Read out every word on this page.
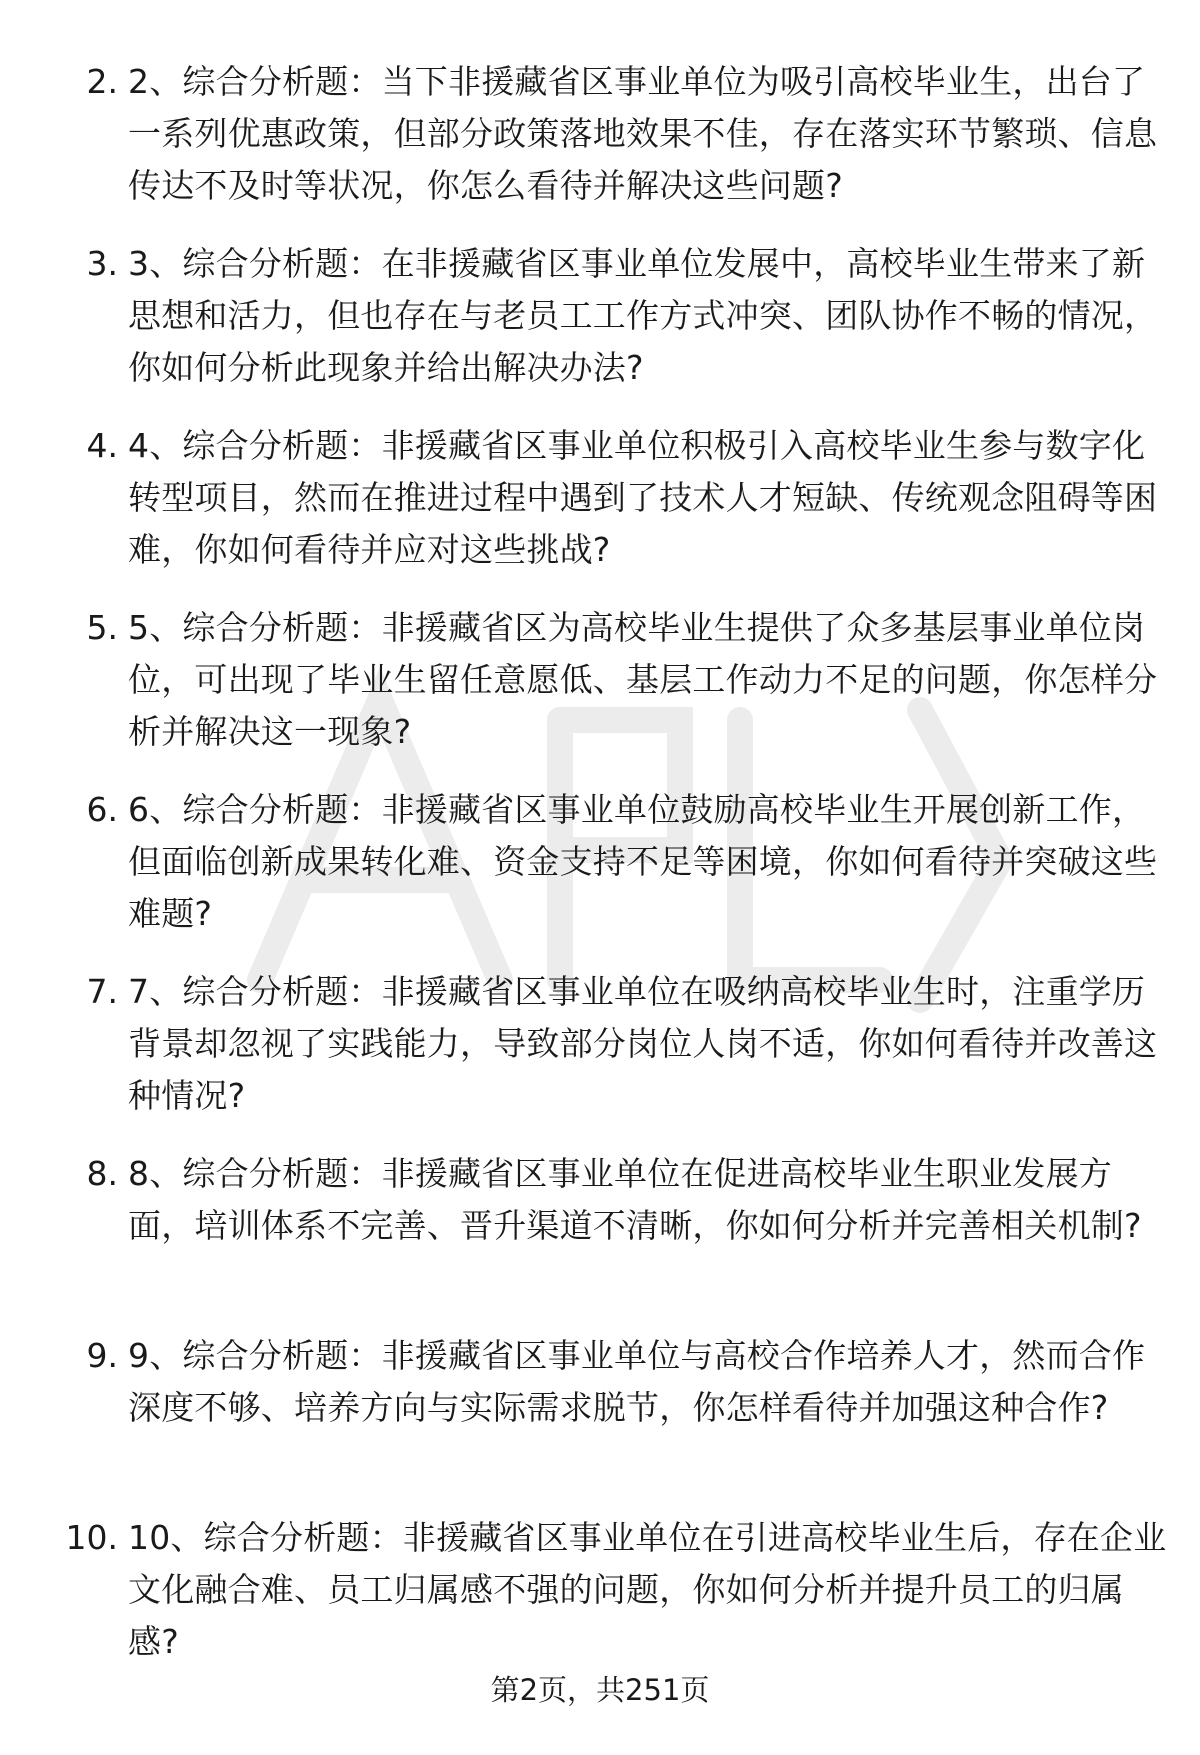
2. 2、综合分析题：当下非援藏省区事业单位为吸引高校毕业生，出台了一系列优惠政策，但部分政策落地效果不佳，存在落实环节繁琐、信息传达不及时等状况，你怎么看待并解决这些问题?
3. 3、综合分析题：在非援藏省区事业单位发展中，高校毕业生带来了新思想和活力，但也存在与老员工工作方式冲突、团队协作不畅的情况，你如何分析此现象并给出解决办法?
4. 4、综合分析题：非援藏省区事业单位积极引入高校毕业生参与数字化转型项目，然而在推进过程中遇到了技术人才短缺、传统观念阻碍等困难，你如何看待并应对这些挑战?
5. 5、综合分析题：非援藏省区为高校毕业生提供了众多基层事业单位岗位，可出现了毕业生留任意愿低、基层工作动力不足的问题，你怎样分析并解决这一现象?
6. 6、综合分析题：非援藏省区事业单位鼓励高校毕业生开展创新工作，但面临创新成果转化难、资金支持不足等困境，你如何看待并突破这些难题?
7. 7、综合分析题：非援藏省区事业单位在吸纳高校毕业生时，注重学历背景却忽视了实践能力，导致部分岗位人岗不适，你如何看待并改善这种情况?
8. 8、综合分析题：非援藏省区事业单位在促进高校毕业生职业发展方面，培训体系不完善、晋升渠道不清晰，你如何分析并完善相关机制?
9. 9、综合分析题：非援藏省区事业单位与高校合作培养人才，然而合作深度不够、培养方向与实际需求脱节，你怎样看待并加强这种合作?
10. 10、综合分析题：非援藏省区事业单位在引进高校毕业生后，存在企业文化融合难、员工归属感不强的问题，你如何分析并提升员工的归属感?
第2页，共251页
